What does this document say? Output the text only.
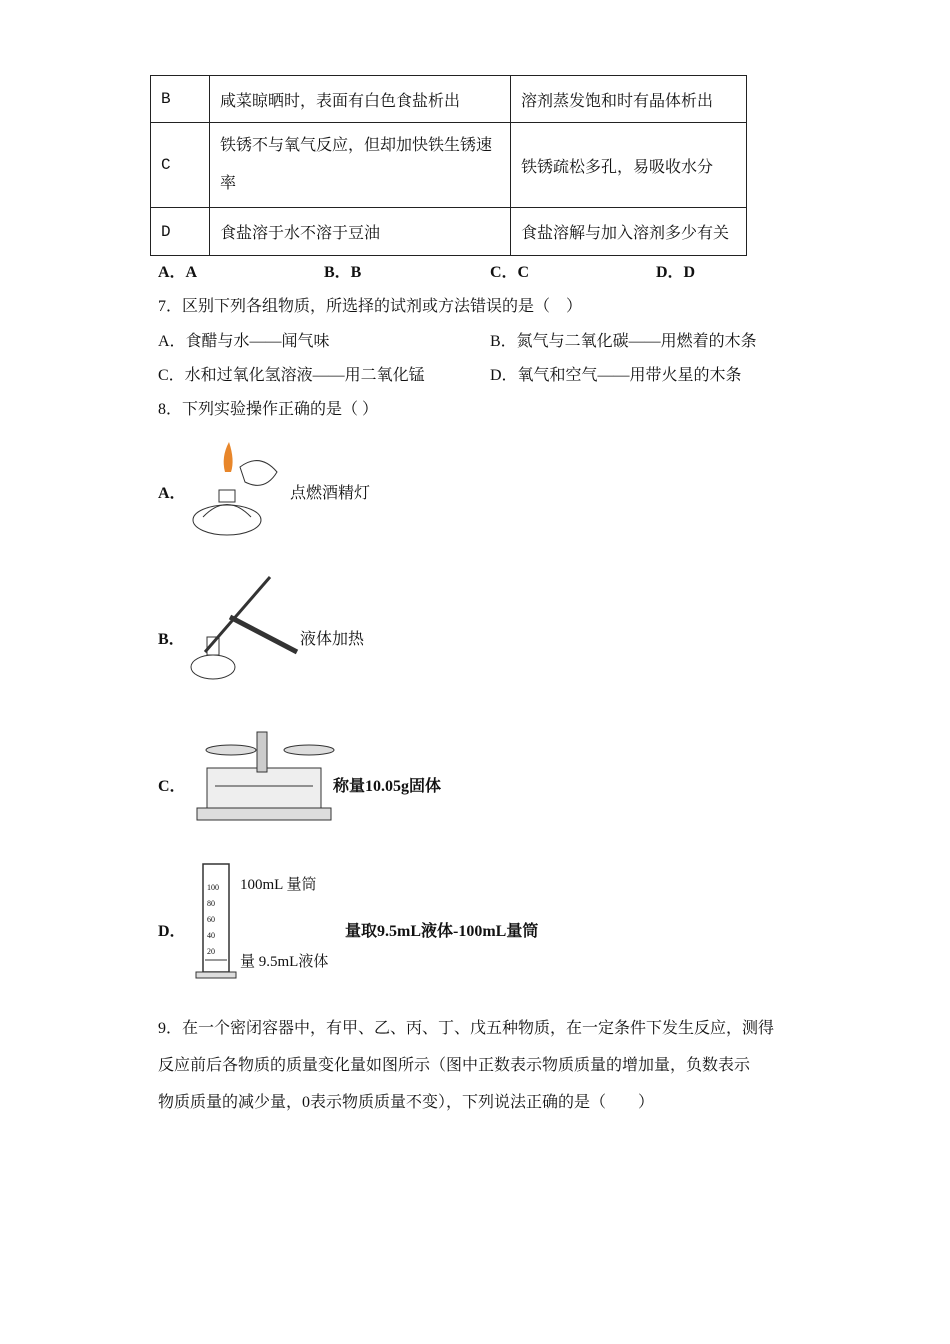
B	咸菜晾晒时，表面有白色食盐析出	溶剂蒸发饱和时有晶体析出
C	铁锈不与氧气反应，但却加快铁生锈速率	铁锈疏松多孔，易吸收水分
D	食盐溶于水不溶于豆油	食盐溶解与加入溶剂多少有关
A．A	B．B	C．C	D．D
7．区别下列各组物质，所选择的试剂或方法错误的是（　）
A．食醋与水——闻气味	B．氮气与二氧化碳——用燃着的木条
C．水和过氧化氢溶液——用二氧化锰	D．氧气和空气——用带火星的木条
8．下列实验操作正确的是（ ）
A．	点燃酒精灯
B．	液体加热
C．	称量10.05g固体
D．
100
80
60
40
20
100mL 量筒
量 9.5mL液体
量取9.5mL液体-100mL量筒
9．在一个密闭容器中，有甲、乙、丙、丁、戊五种物质，在一定条件下发生反应，测得
反应前后各物质的质量变化量如图所示（图中正数表示物质质量的增加量，负数表示
物质质量的减少量，0表示物质质量不变），下列说法正确的是（　　）
